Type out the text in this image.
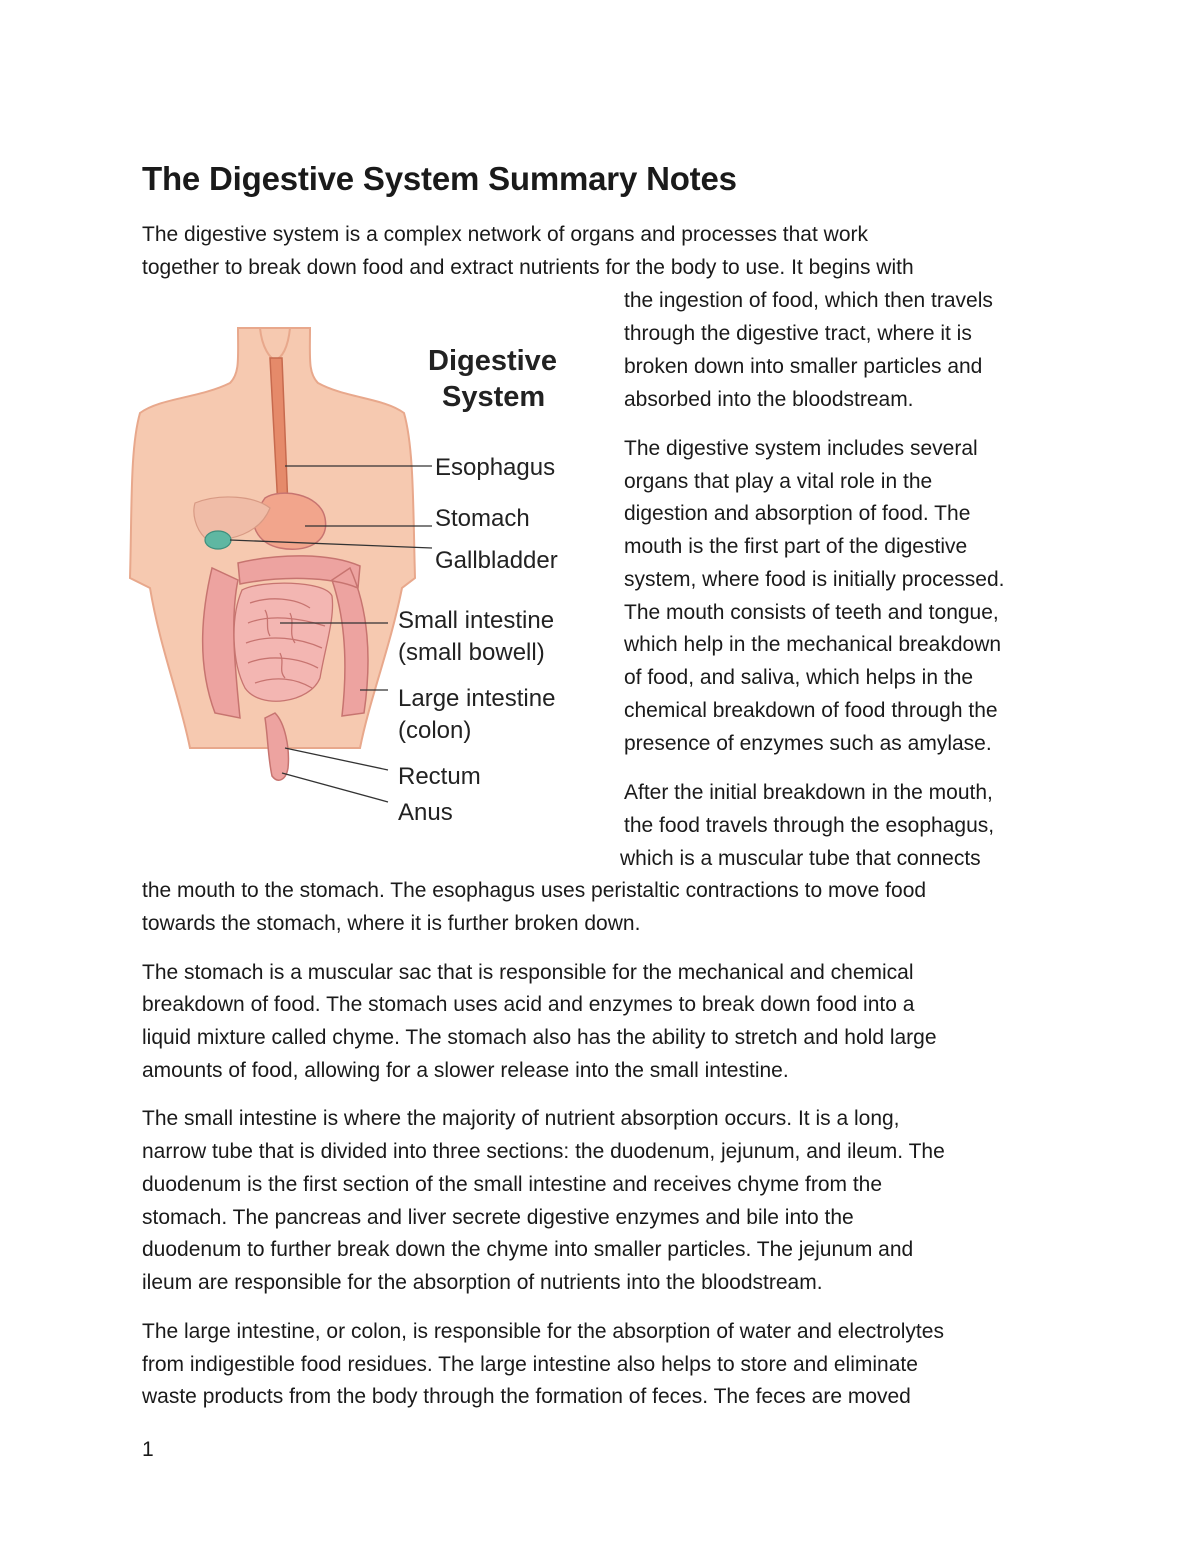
The Digestive System Summary Notes

The digestive system is a complex network of organs and processes that work

together to break down food and extract nutrients for the body to use. It begins with

the ingestion of food, which then travels

through the digestive tract, where it is

broken down into smaller particles and

absorbed into the bloodstream.

The digestive system includes several

organs that play a vital role in the

digestion and absorption of food. The

mouth is the first part of the digestive

system, where food is initially processed.

The mouth consists of teeth and tongue,

which help in the mechanical breakdown

of food, and saliva, which helps in the

chemical breakdown of food through the

presence of enzymes such as amylase.

After the initial breakdown in the mouth,

the food travels through the esophagus,

which is a muscular tube that connects

the mouth to the stomach. The esophagus uses peristaltic contractions to move food

towards the stomach, where it is further broken down.

The stomach is a muscular sac that is responsible for the mechanical and chemical

breakdown of food. The stomach uses acid and enzymes to break down food into a

liquid mixture called chyme. The stomach also has the ability to stretch and hold large

amounts of food, allowing for a slower release into the small intestine.

The small intestine is where the majority of nutrient absorption occurs. It is a long,

narrow tube that is divided into three sections: the duodenum, jejunum, and ileum. The

duodenum is the first section of the small intestine and receives chyme from the

stomach. The pancreas and liver secrete digestive enzymes and bile into the

duodenum to further break down the chyme into smaller particles. The jejunum and

ileum are responsible for the absorption of nutrients into the bloodstream.

The large intestine, or colon, is responsible for the absorption of water and electrolytes

from indigestible food residues. The large intestine also helps to store and eliminate

waste products from the body through the formation of feces. The feces are moved

Digestive
System
Esophagus
Stomach
Gallbladder
Small intestine
(small bowell)
Large intestine
(colon)
Rectum
Anus
1
